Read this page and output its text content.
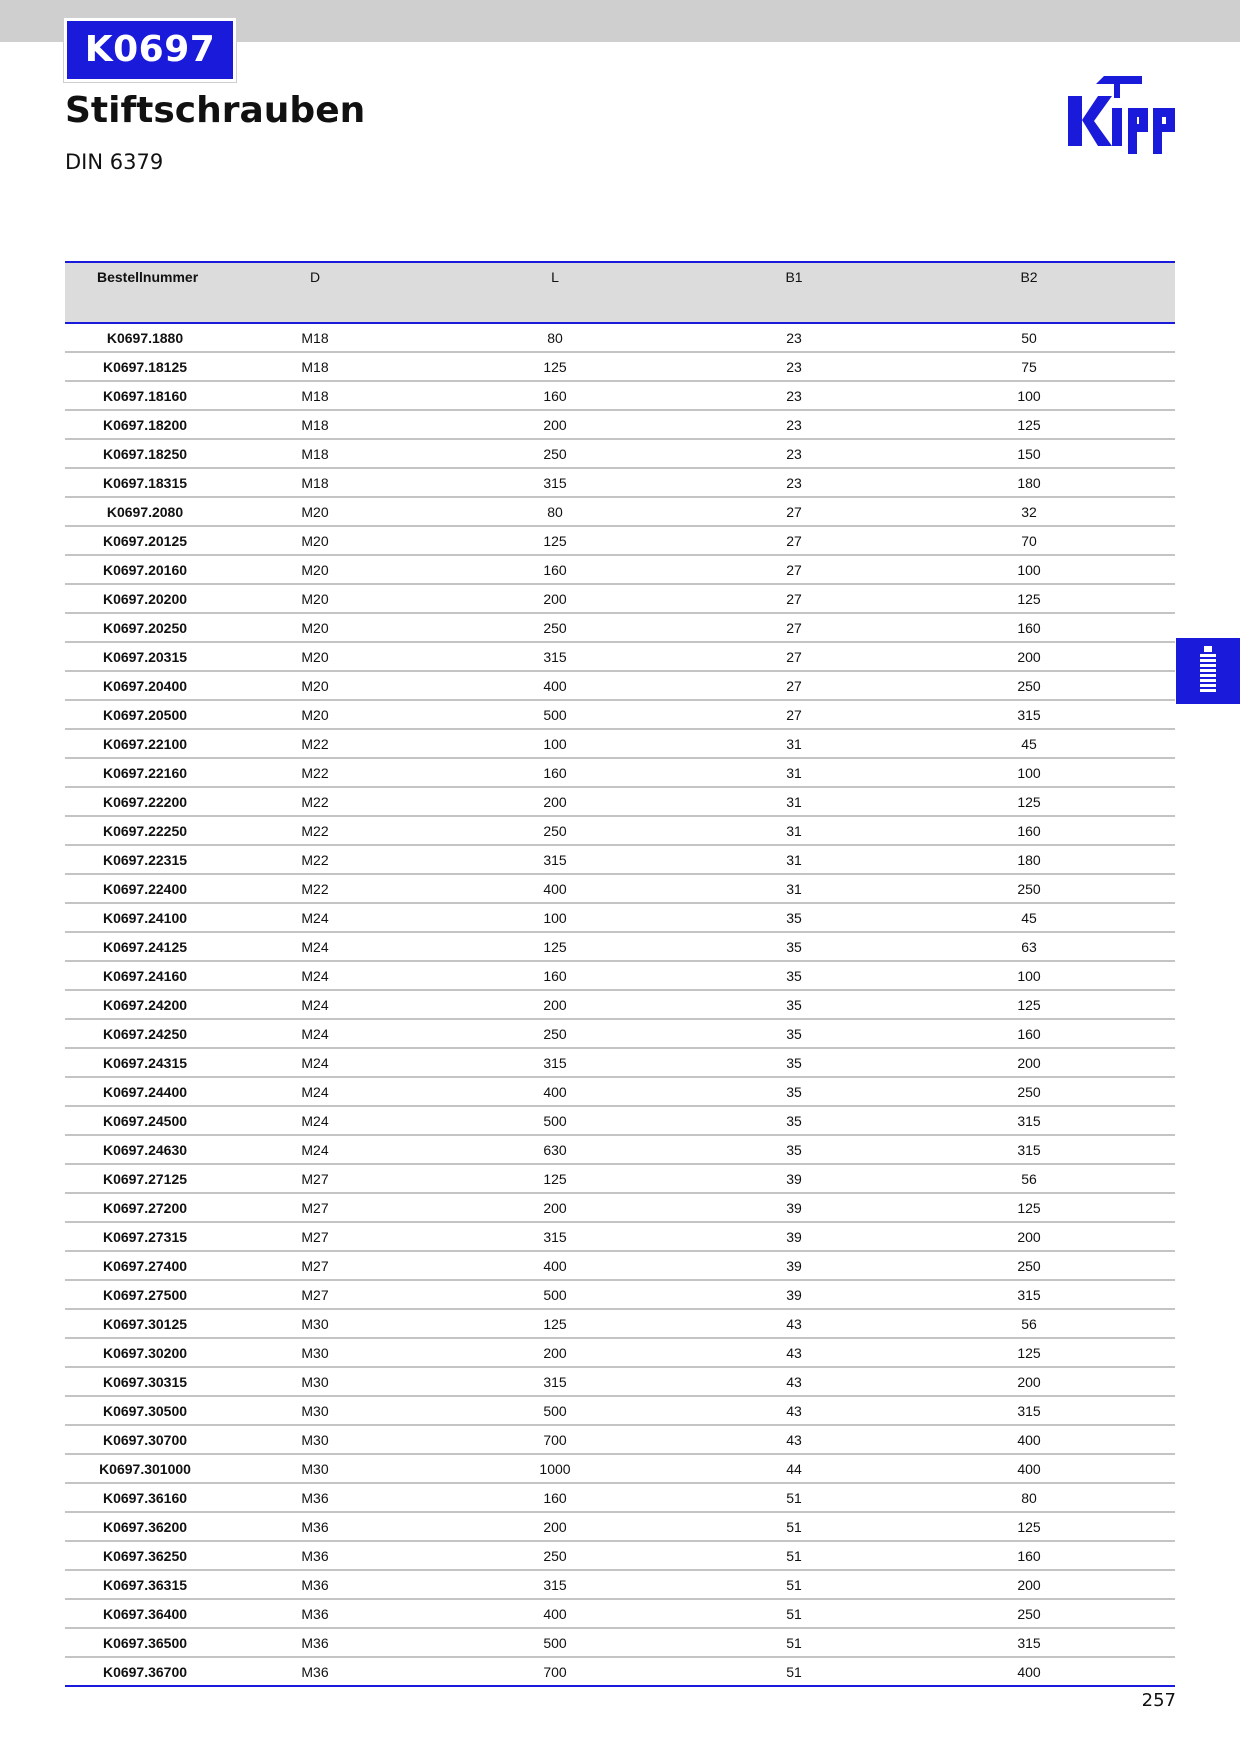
K0697
Stiftschrauben
DIN 6379
Bestellnummer	D	L	B1	B2
K0697.1880	M18	80	23	50
K0697.18125	M18	125	23	75
K0697.18160	M18	160	23	100
K0697.18200	M18	200	23	125
K0697.18250	M18	250	23	150
K0697.18315	M18	315	23	180
K0697.2080	M20	80	27	32
K0697.20125	M20	125	27	70
K0697.20160	M20	160	27	100
K0697.20200	M20	200	27	125
K0697.20250	M20	250	27	160
K0697.20315	M20	315	27	200
K0697.20400	M20	400	27	250
K0697.20500	M20	500	27	315
K0697.22100	M22	100	31	45
K0697.22160	M22	160	31	100
K0697.22200	M22	200	31	125
K0697.22250	M22	250	31	160
K0697.22315	M22	315	31	180
K0697.22400	M22	400	31	250
K0697.24100	M24	100	35	45
K0697.24125	M24	125	35	63
K0697.24160	M24	160	35	100
K0697.24200	M24	200	35	125
K0697.24250	M24	250	35	160
K0697.24315	M24	315	35	200
K0697.24400	M24	400	35	250
K0697.24500	M24	500	35	315
K0697.24630	M24	630	35	315
K0697.27125	M27	125	39	56
K0697.27200	M27	200	39	125
K0697.27315	M27	315	39	200
K0697.27400	M27	400	39	250
K0697.27500	M27	500	39	315
K0697.30125	M30	125	43	56
K0697.30200	M30	200	43	125
K0697.30315	M30	315	43	200
K0697.30500	M30	500	43	315
K0697.30700	M30	700	43	400
K0697.301000	M30	1000	44	400
K0697.36160	M36	160	51	80
K0697.36200	M36	200	51	125
K0697.36250	M36	250	51	160
K0697.36315	M36	315	51	200
K0697.36400	M36	400	51	250
K0697.36500	M36	500	51	315
K0697.36700	M36	700	51	400
257
